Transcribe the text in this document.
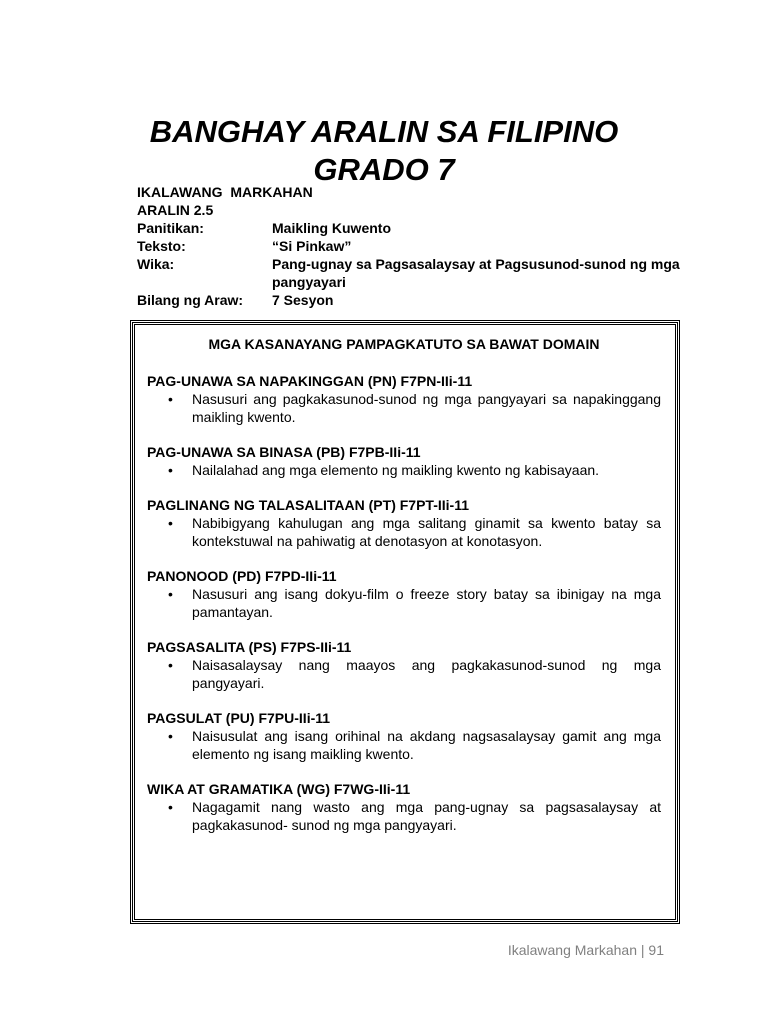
BANGHAY ARALIN SA FILIPINO
GRADO 7
IKALAWANG  MARKAHAN
ARALIN 2.5
Panitikan:	Maikling Kuwento
Teksto:	“Si Pinkaw”
Wika:	Pang-ugnay sa Pagsasalaysay at Pagsusunod-sunod ng mga pangyayari
Bilang ng Araw:	7 Sesyon
MGA KASANAYANG PAMPAGKATUTO SA BAWAT DOMAIN
PAG-UNAWA SA NAPAKINGGAN (PN) F7PN-IIi-11
• Nasusuri ang pagkakasunod-sunod ng mga pangyayari sa napakinggang maikling kwento.
PAG-UNAWA SA BINASA (PB) F7PB-IIi-11
• Nailalahad ang mga elemento ng maikling kwento ng kabisayaan.
PAGLINANG NG TALASALITAAN (PT) F7PT-IIi-11
• Nabibigyang kahulugan ang mga salitang ginamit sa kwento batay sa kontekstuwal na pahiwatig at denotasyon at konotasyon.
PANONOOD (PD) F7PD-IIi-11
• Nasusuri ang isang dokyu-film o freeze story batay sa ibinigay na mga pamantayan.
PAGSASALITA (PS) F7PS-IIi-11
• Naisasalaysay nang maayos ang pagkakasunod-sunod ng mga pangyayari.
PAGSULAT (PU) F7PU-IIi-11
• Naisusulat ang isang orihinal na akdang nagsasalaysay gamit ang mga elemento ng isang maikling kwento.
WIKA AT GRAMATIKA (WG) F7WG-IIi-11
• Nagagamit nang wasto ang mga pang-ugnay sa pagsasalaysay at pagkakasunod- sunod ng mga pangyayari.
Ikalawang Markahan | 91
